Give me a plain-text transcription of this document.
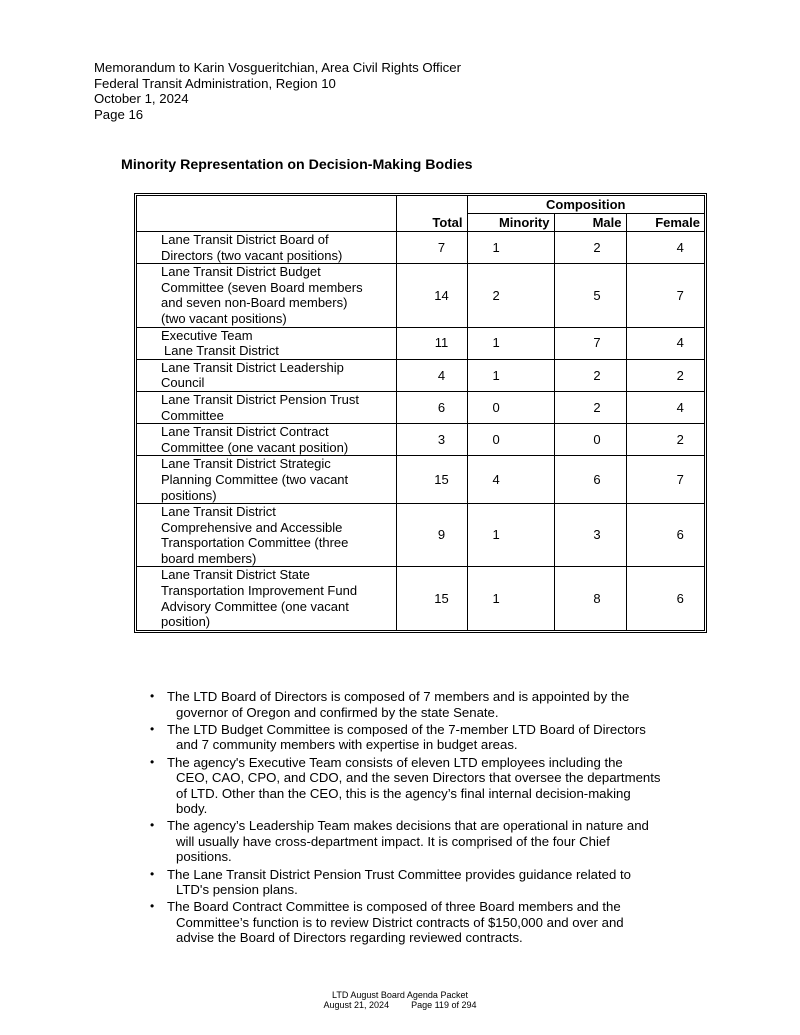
Memorandum to Karin Vosgueritchian, Area Civil Rights Officer
Federal Transit Administration, Region 10
October 1, 2024
Page 16
Minority Representation on Decision-Making Bodies
	Total	Composition		
		Minority	Male	Female

Lane Transit District Board of
Directors (two vacant positions)	7	1	2	4

Lane Transit District Budget
Committee (seven Board members
and seven non-Board members)
(two vacant positions)	14	2	5	7

Executive Team
Lane Transit District	11	1	7	4

Lane Transit District Leadership
Council	4	1	2	2

Lane Transit District Pension Trust
Committee	6	0	2	4

Lane Transit District Contract
Committee (one vacant position)	3	0	0	2

Lane Transit District Strategic
Planning Committee (two vacant
positions)	15	4	6	7

Lane Transit District
Comprehensive and Accessible
Transportation Committee (three
board members)	9	1	3	6

Lane Transit District State
Transportation Improvement Fund
Advisory Committee (one vacant
position)	15	1	8	6
• The LTD Board of Directors is composed of 7 members and is appointed by the
governor of Oregon and confirmed by the state Senate.
• The LTD Budget Committee is composed of the 7-member LTD Board of Directors
and 7 community members with expertise in budget areas.
• The agency's Executive Team consists of eleven LTD employees including the
CEO, CAO, CPO, and CDO, and the seven Directors that oversee the departments
of LTD. Other than the CEO, this is the agency’s final internal decision-making
body.
• The agency’s Leadership Team makes decisions that are operational in nature and
will usually have cross-department impact. It is comprised of the four Chief
positions.
• The Lane Transit District Pension Trust Committee provides guidance related to
LTD's pension plans.
• The Board Contract Committee is composed of three Board members and the
Committee’s function is to review District contracts of $150,000 and over and
advise the Board of Directors regarding reviewed contracts.
LTD August Board Agenda Packet
August 21, 2024 Page 119 of 294
